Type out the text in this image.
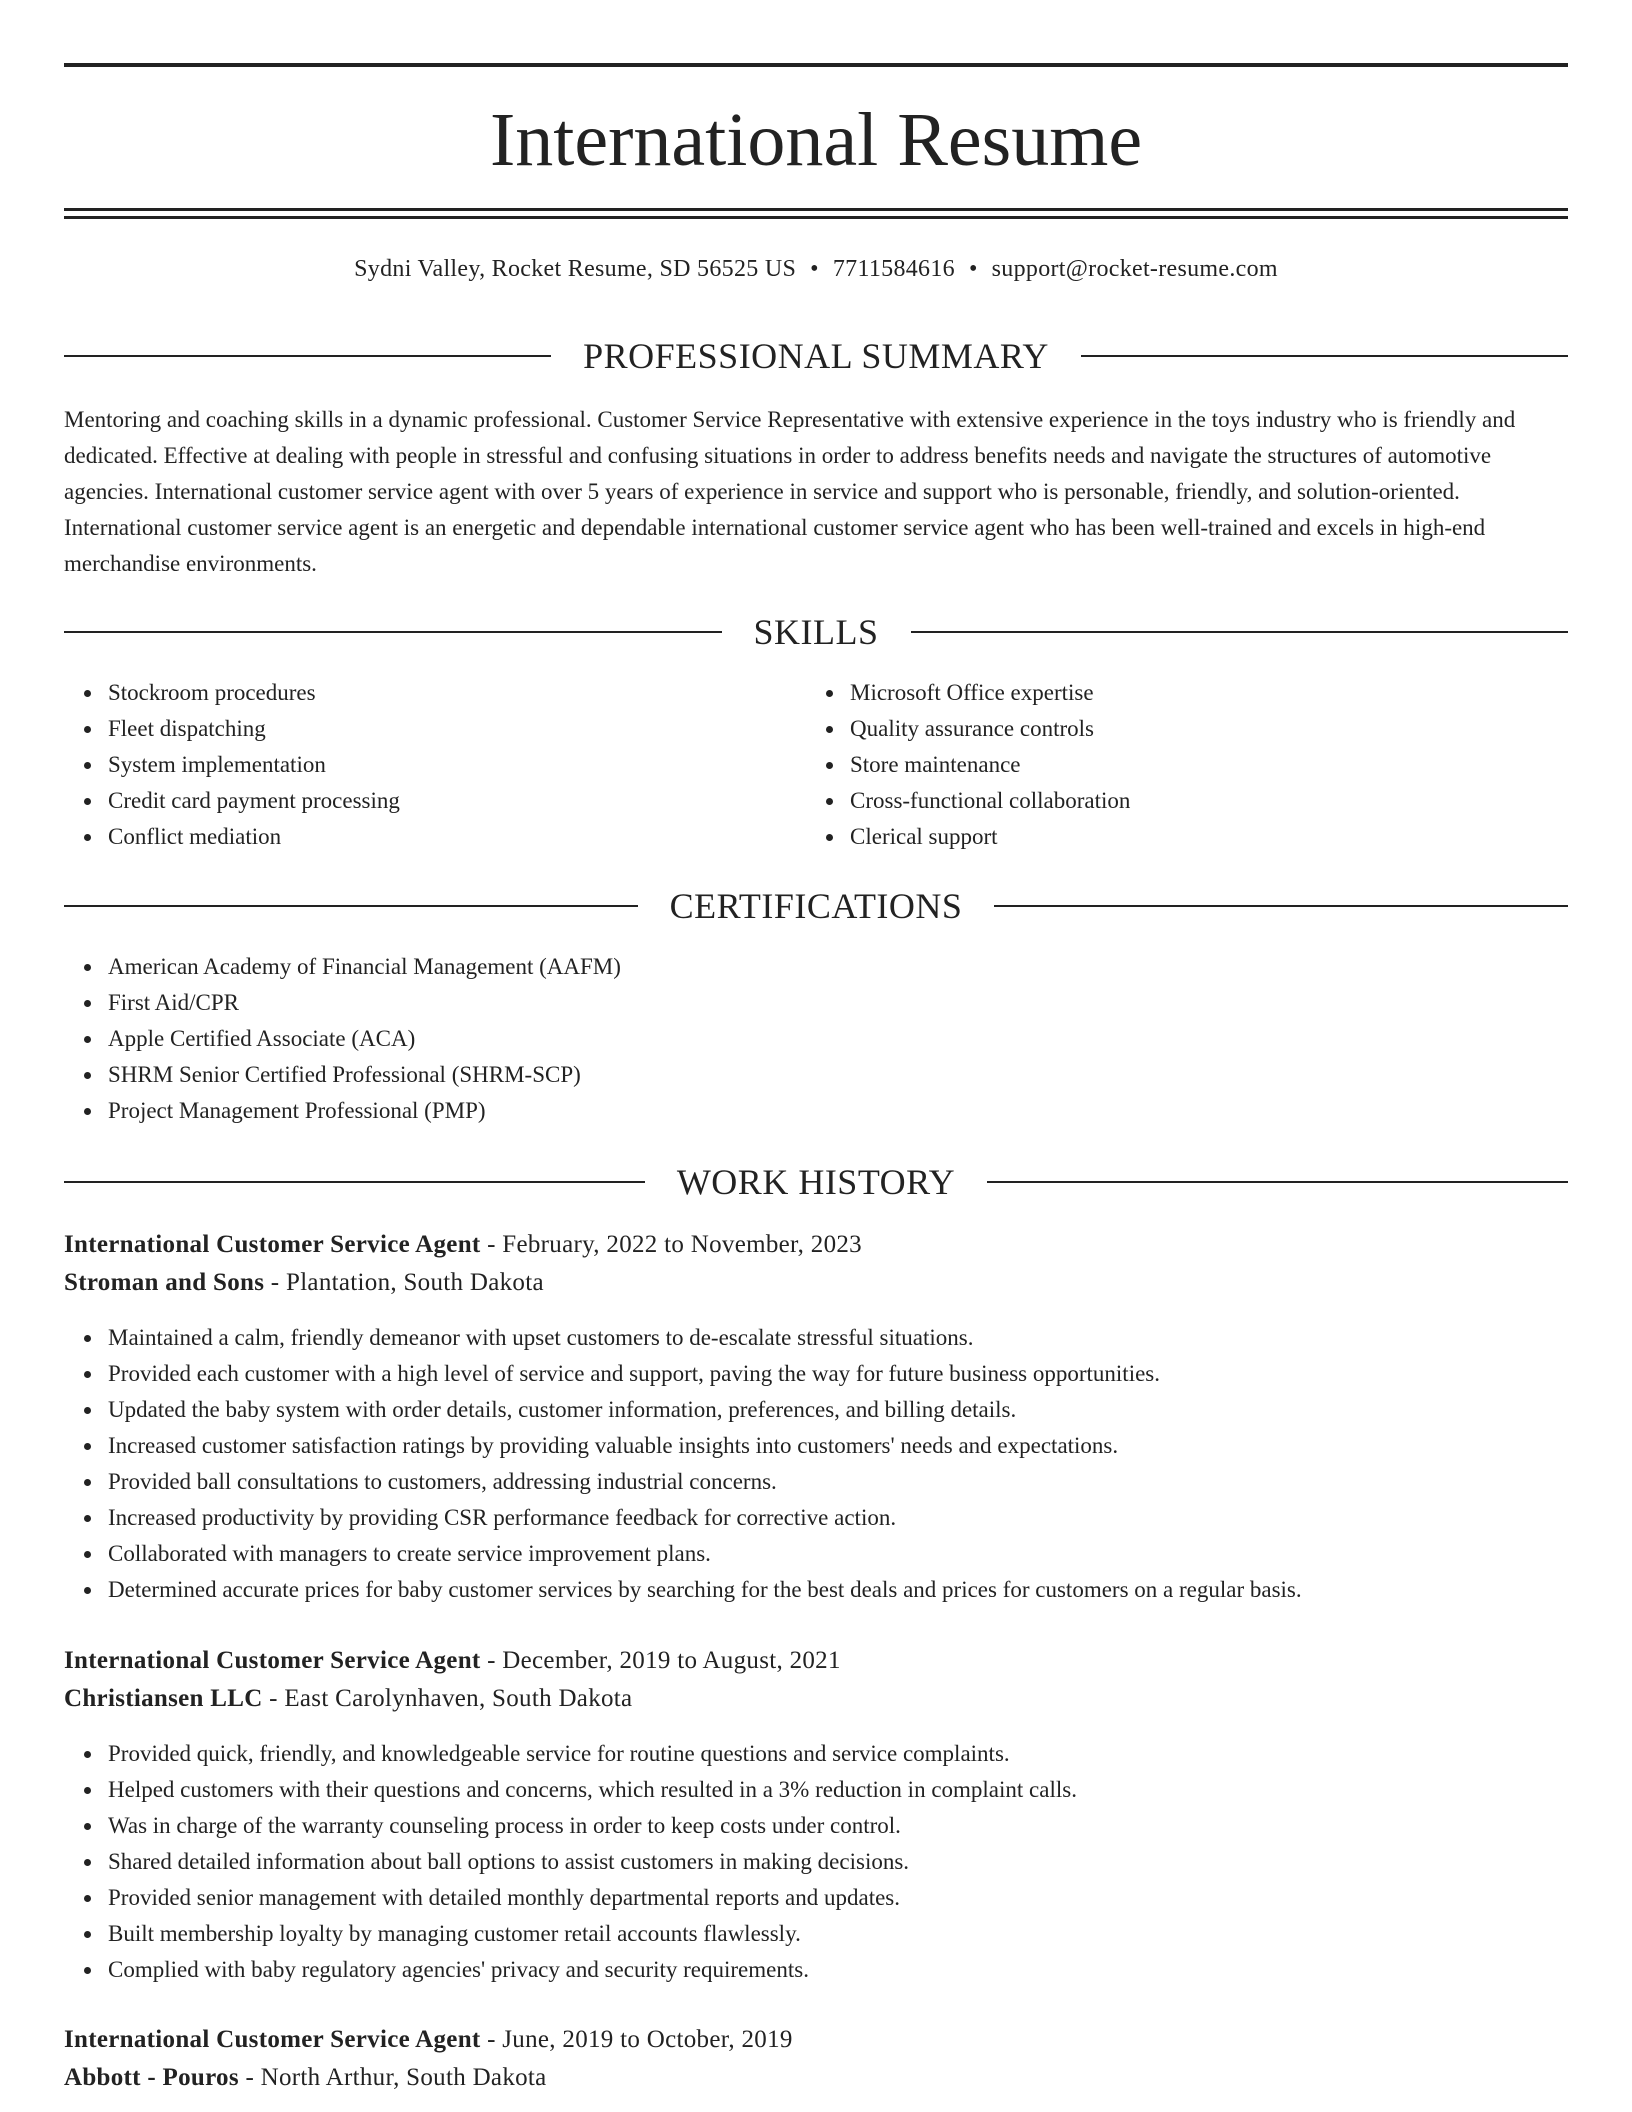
International Resume
Sydni Valley, Rocket Resume, SD 56525 US • 7711584616 • support@rocket-resume.com
PROFESSIONAL SUMMARY

Mentoring and coaching skills in a dynamic professional. Customer Service Representative with extensive experience in the toys industry who is friendly and dedicated. Effective at dealing with people in stressful and confusing situations in order to address benefits needs and navigate the structures of automotive agencies. International customer service agent with over 5 years of experience in service and support who is personable, friendly, and solution-oriented. International customer service agent is an energetic and dependable international customer service agent who has been well-trained and excels in high-end merchandise environments.

SKILLS
Stockroom procedures
Fleet dispatching
System implementation
Credit card payment processing
Conflict mediation
Microsoft Office expertise
Quality assurance controls
Store maintenance
Cross-functional collaboration
Clerical support
CERTIFICATIONS
American Academy of Financial Management (AAFM)
First Aid/CPR
Apple Certified Associate (ACA)
SHRM Senior Certified Professional (SHRM-SCP)
Project Management Professional (PMP)
WORK HISTORY
International Customer Service Agent - February, 2022 to November, 2023
Stroman and Sons - Plantation, South Dakota
Maintained a calm, friendly demeanor with upset customers to de-escalate stressful situations.
Provided each customer with a high level of service and support, paving the way for future business opportunities.
Updated the baby system with order details, customer information, preferences, and billing details.
Increased customer satisfaction ratings by providing valuable insights into customers' needs and expectations.
Provided ball consultations to customers, addressing industrial concerns.
Increased productivity by providing CSR performance feedback for corrective action.
Collaborated with managers to create service improvement plans.
Determined accurate prices for baby customer services by searching for the best deals and prices for customers on a regular basis.
International Customer Service Agent - December, 2019 to August, 2021
Christiansen LLC - East Carolynhaven, South Dakota
Provided quick, friendly, and knowledgeable service for routine questions and service complaints.
Helped customers with their questions and concerns, which resulted in a 3% reduction in complaint calls.
Was in charge of the warranty counseling process in order to keep costs under control.
Shared detailed information about ball options to assist customers in making decisions.
Provided senior management with detailed monthly departmental reports and updates.
Built membership loyalty by managing customer retail accounts flawlessly.
Complied with baby regulatory agencies' privacy and security requirements.
International Customer Service Agent - June, 2019 to October, 2019
Abbott - Pouros - North Arthur, South Dakota
